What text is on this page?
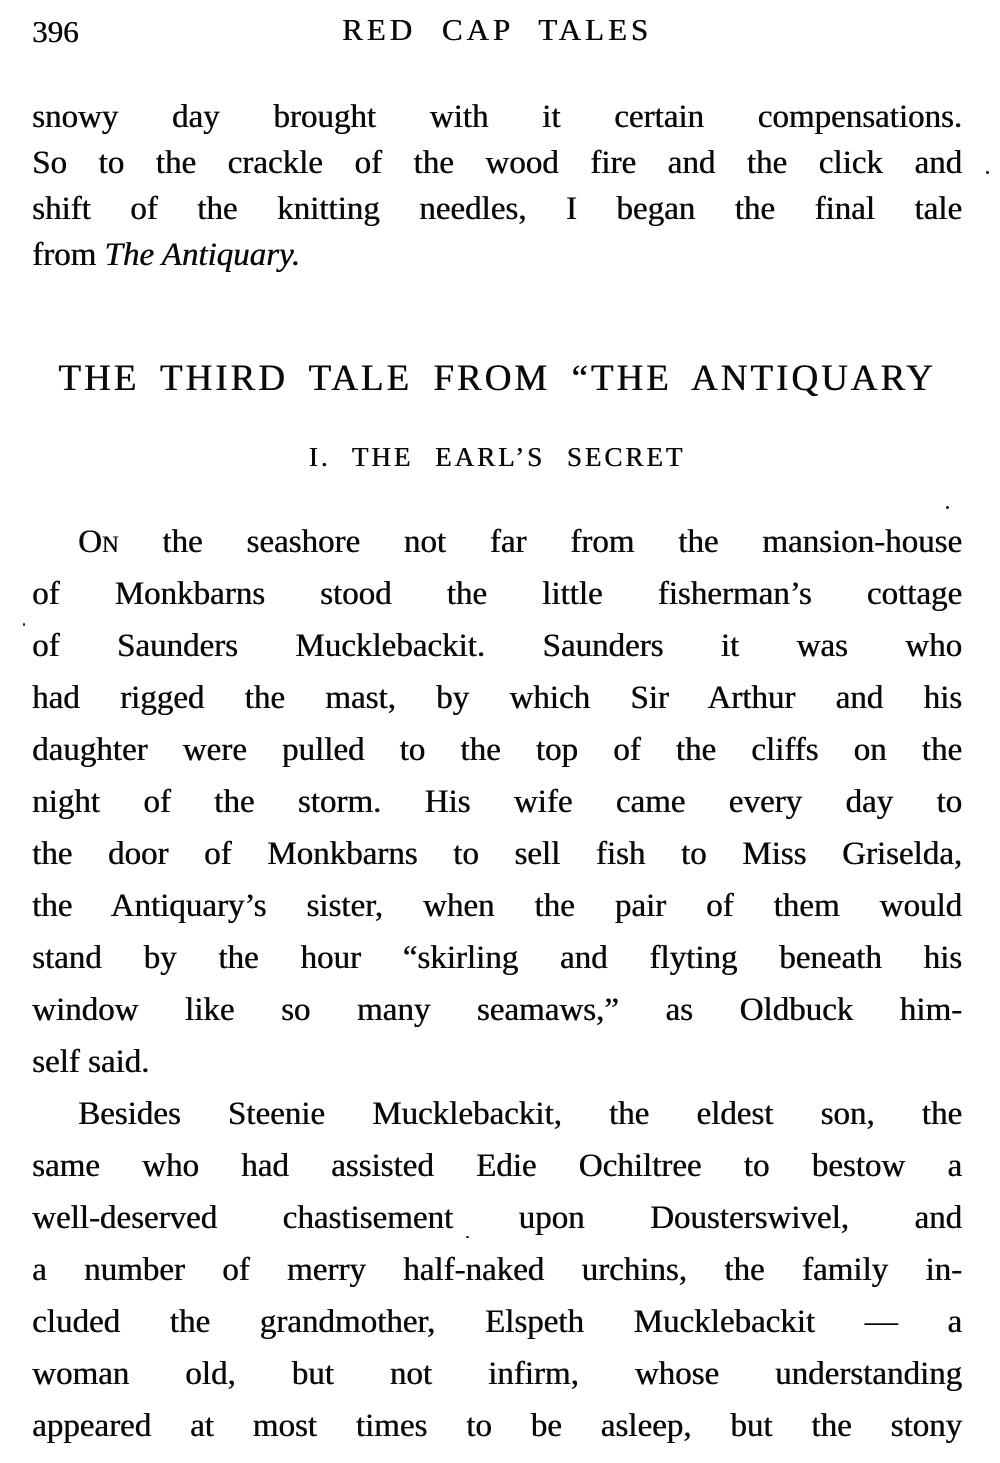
396	RED CAP TALES
snowy day brought with it certain compensations.
So to the crackle of the wood fire and the click and
shift of the knitting needles, I began the final tale
from The Antiquary.
THE THIRD TALE FROM “THE ANTIQUARY
I. THE EARL’S SECRET
On the seashore not far from the mansion-house
of Monkbarns stood the little fisherman’s cottage
of Saunders Mucklebackit. Saunders it was who
had rigged the mast, by which Sir Arthur and his
daughter were pulled to the top of the cliffs on the
night of the storm. His wife came every day to
the door of Monkbarns to sell fish to Miss Griselda,
the Antiquary’s sister, when the pair of them would
stand by the hour “skirling and flyting beneath his
window like so many seamaws,” as Oldbuck him-
self said.
Besides Steenie Mucklebackit, the eldest son, the
same who had assisted Edie Ochiltree to bestow a
well-deserved chastisement upon Dousterswivel, and
a number of merry half-naked urchins, the family in-
cluded the grandmother, Elspeth Mucklebackit — a
woman old, but not infirm, whose understanding
appeared at most times to be asleep, but the stony
